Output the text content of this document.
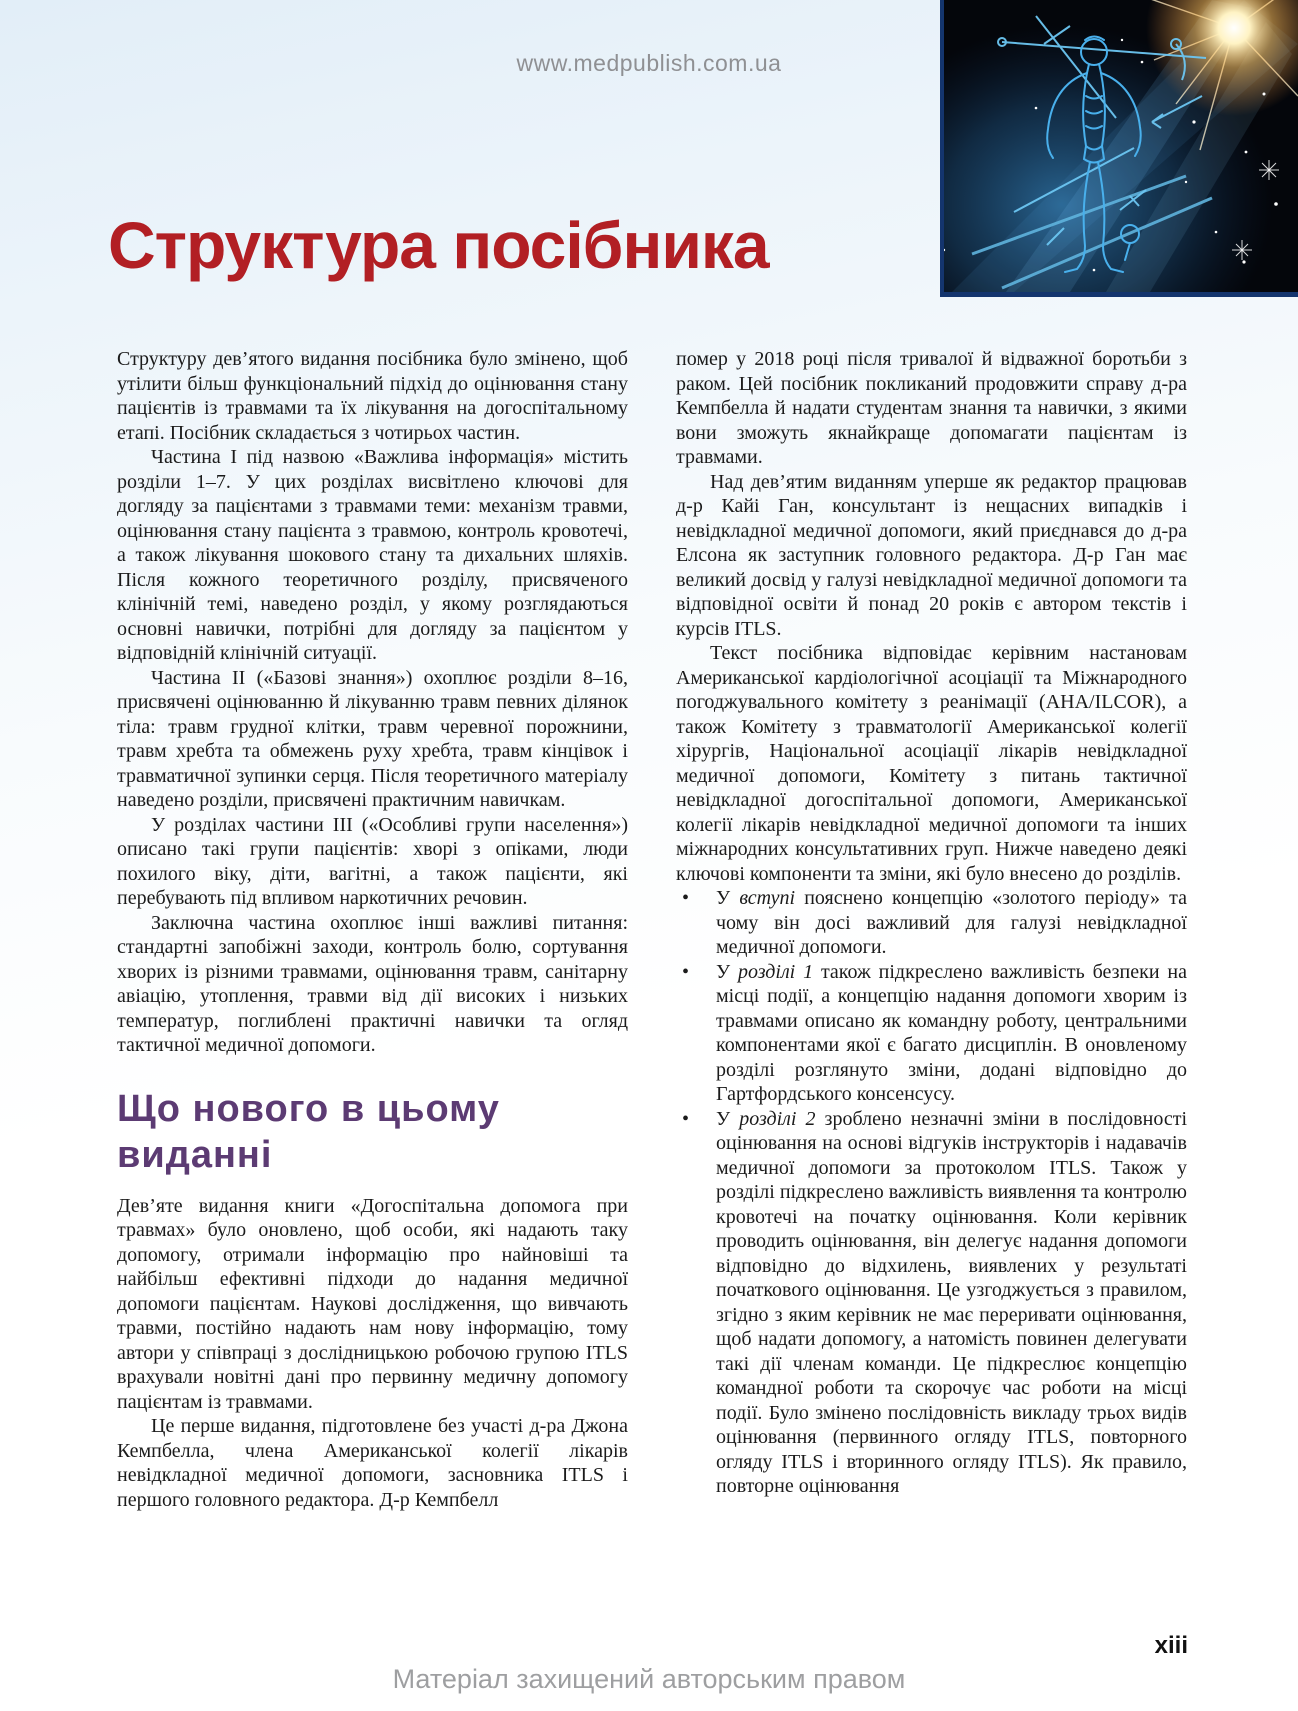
www.medpublish.com.ua
Структура посібника

Структуру дев’ятого видання посібника було змінено, щоб утілити більш функціональний підхід до оцінювання стану пацієнтів із травмами та їх лікування на догоспітальному етапі. Посібник складається з чотирьох частин.

Частина I під назвою «Важлива інформація» містить розділи 1–7. У цих розділах висвітлено ключові для догляду за пацієнтами з травмами теми: механізм травми, оцінювання стану пацієнта з травмою, контроль кровотечі, а також лікування шокового стану та дихальних шляхів. Після кожного теоретичного розділу, присвяченого клінічній темі, наведено розділ, у якому розглядаються основні навички, потрібні для догляду за пацієнтом у відповідній клінічній ситуації.

Частина II («Базові знання») охоплює розділи 8–16, присвячені оцінюванню й лікуванню травм певних ділянок тіла: травм грудної клітки, травм черевної порожнини, травм хребта та обмежень руху хребта, травм кінцівок і травматичної зупинки серця. Після теоретичного матеріалу наведено розділи, присвячені практичним навичкам.

У розділах частини III («Особливі групи населення») описано такі групи пацієнтів: хворі з опіками, люди похилого віку, діти, вагітні, а також пацієнти, які перебувають під впливом наркотичних речовин.

Заключна частина охоплює інші важливі питання: стандартні запобіжні заходи, контроль болю, сортування хворих із різними травмами, оцінювання травм, санітарну авіацію, утоплення, травми від дії високих і низьких температур, поглиблені практичні навички та огляд тактичної медичної допомоги.

Що нового в цьому виданні

Дев’яте видання книги «Догоспітальна допомога при травмах» було оновлено, щоб особи, які надають таку допомогу, отримали інформацію про найновіші та найбільш ефективні підходи до надання медичної допомоги пацієнтам. Наукові дослідження, що вивчають травми, постійно надають нам нову інформацію, тому автори у співпраці з дослідницькою робочою групою ITLS врахували новітні дані про первинну медичну допомогу пацієнтам із травмами.

Це перше видання, підготовлене без участі д-ра Джона Кемпбелла, члена Американської колегії лікарів невідкладної медичної допомоги, засновника ITLS і першого головного редактора. Д-р Кемпбелл

помер у 2018 році після тривалої й відважної боротьби з раком. Цей посібник покликаний продовжити справу д-ра Кемпбелла й надати студентам знання та навички, з якими вони зможуть якнайкраще допомагати пацієнтам із травмами.

Над дев’ятим виданням уперше як редактор працював д-р Кайі Ган, консультант із нещасних випадків і невідкладної медичної допомоги, який приєднався до д-ра Елсона як заступник головного редактора. Д-р Ган має великий досвід у галузі невідкладної медичної допомоги та відповідної освіти й понад 20 років є автором текстів і курсів ITLS.

Текст посібника відповідає керівним настановам Американської кардіологічної асоціації та Міжнародного погоджувального комітету з реанімації (AHA/ILCOR), а також Комітету з травматології Американської колегії хірургів, Національної асоціації лікарів невідкладної медичної допомоги, Комітету з питань тактичної невідкладної догоспітальної допомоги, Американської колегії лікарів невідкладної медичної допомоги та інших міжнародних консультативних груп. Нижче наведено деякі ключові компоненти та зміни, які було внесено до розділів.

• У вступі пояснено концепцію «золотого періоду» та чому він досі важливий для галузі невідкладної медичної допомоги.
• У розділі 1 також підкреслено важливість безпеки на місці події, а концепцію надання допомоги хворим із травмами описано як командну роботу, центральними компонентами якої є багато дисциплін. В оновленому розділі розглянуто зміни, додані відповідно до Гартфордського консенсусу.
• У розділі 2 зроблено незначні зміни в послідовності оцінювання на основі відгуків інструкторів і надавачів медичної допомоги за протоколом ITLS. Також у розділі підкреслено важливість виявлення та контролю кровотечі на початку оцінювання. Коли керівник проводить оцінювання, він делегує надання допомоги відповідно до відхилень, виявлених у результаті початкового оцінювання. Це узгоджується з правилом, згідно з яким керівник не має переривати оцінювання, щоб надати допомогу, а натомість повинен делегувати такі дії членам команди. Це підкреслює концепцію командної роботи та скорочує час роботи на місці події. Було змінено послідовність викладу трьох видів оцінювання (первинного огляду ITLS, повторного огляду ITLS і вторинного огляду ITLS). Як правило, повторне оцінювання
xiii
Матеріал захищений авторським правом
